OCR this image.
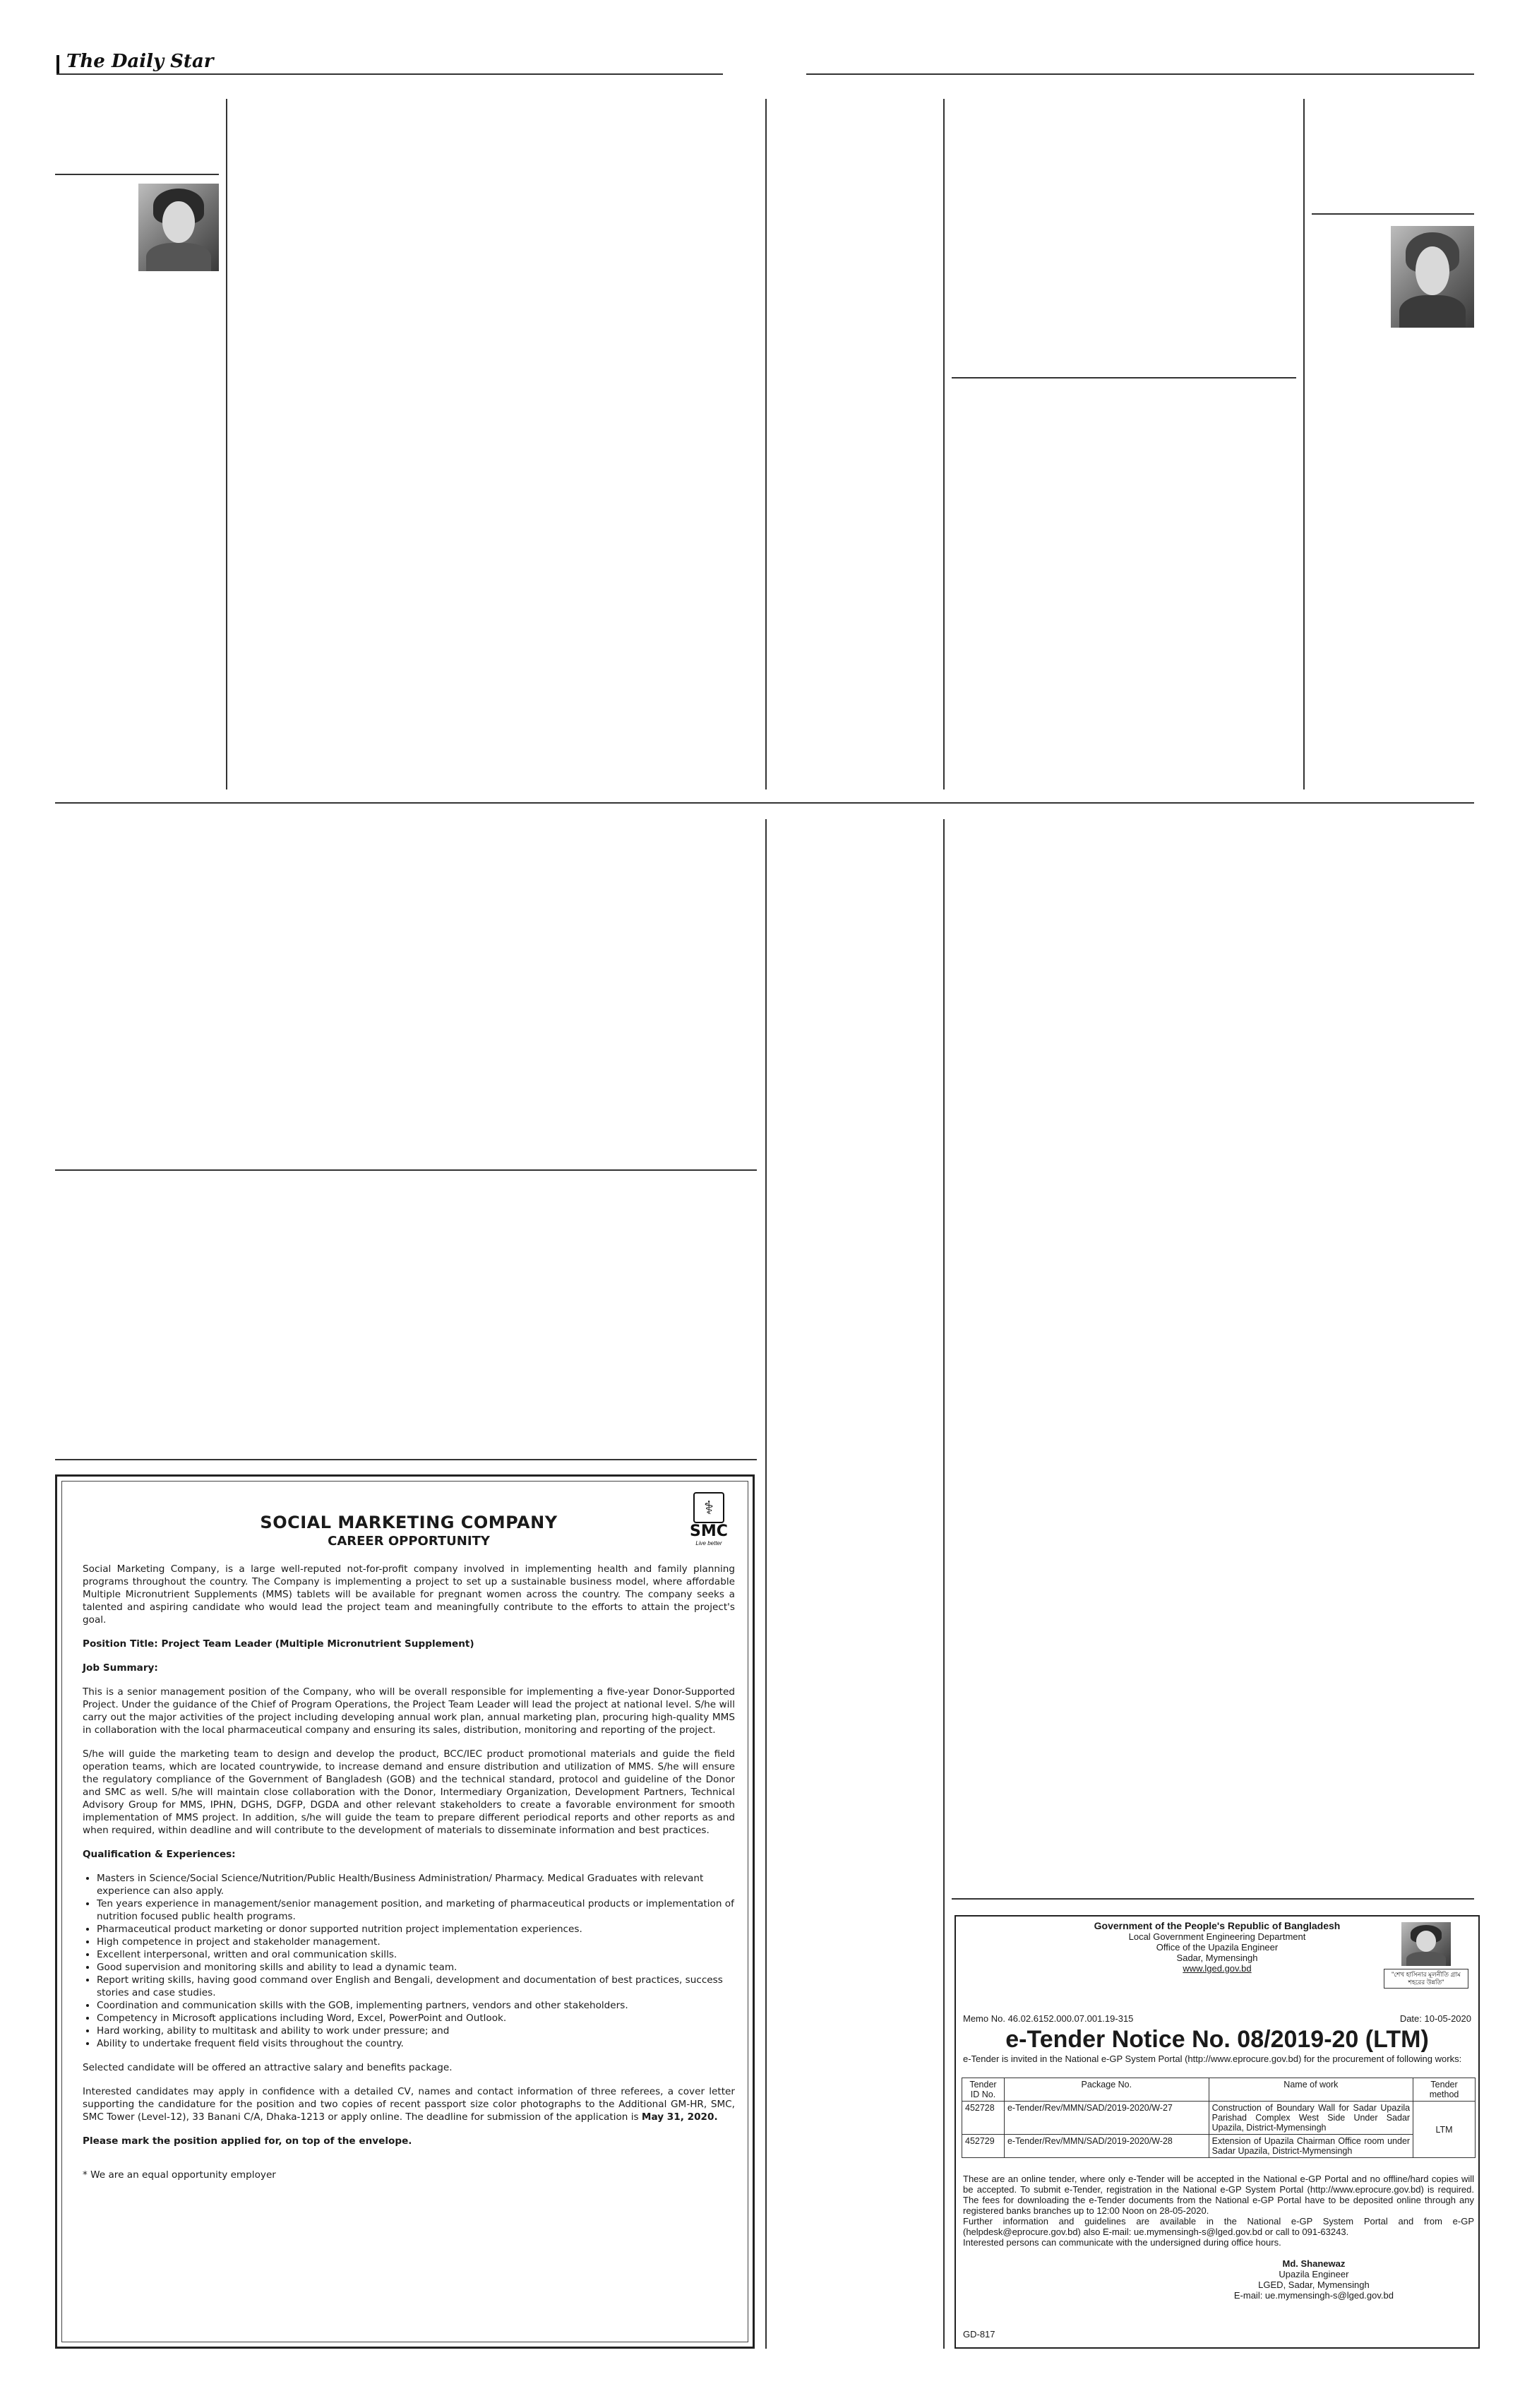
The Daily Star
⚕
SMC
Live better
SOCIAL MARKETING COMPANY
CAREER OPPORTUNITY

Social Marketing Company, is a large well-reputed not-for-profit company involved in implementing health and family planning programs throughout the country. The Company is implementing a project to set up a sustainable business model, where affordable Multiple Micronutrient Supplements (MMS) tablets will be available for pregnant women across the country. The company seeks a talented and aspiring candidate who would lead the project team and meaningfully contribute to the efforts to attain the project's goal.

Position Title: Project Team Leader (Multiple Micronutrient Supplement)

Job Summary:

This is a senior management position of the Company, who will be overall responsible for implementing a five-year Donor-Supported Project. Under the guidance of the Chief of Program Operations, the Project Team Leader will lead the project at national level. S/he will carry out the major activities of the project including developing annual work plan, annual marketing plan, procuring high-quality MMS in collaboration with the local pharmaceutical company and ensuring its sales, distribution, monitoring and reporting of the project.

S/he will guide the marketing team to design and develop the product, BCC/IEC product promotional materials and guide the field operation teams, which are located countrywide, to increase demand and ensure distribution and utilization of MMS. S/he will ensure the regulatory compliance of the Government of Bangladesh (GOB) and the technical standard, protocol and guideline of the Donor and SMC as well. S/he will maintain close collaboration with the Donor, Intermediary Organization, Development Partners, Technical Advisory Group for MMS, IPHN, DGHS, DGFP, DGDA and other relevant stakeholders to create a favorable environment for smooth implementation of MMS project. In addition, s/he will guide the team to prepare different periodical reports and other reports as and when required, within deadline and will contribute to the development of materials to disseminate information and best practices.

Qualification & Experiences:

• Masters in Science/Social Science/Nutrition/Public Health/Business Administration/ Pharmacy. Medical Graduates with relevant experience can also apply.
• Ten years experience in management/senior management position, and marketing of pharmaceutical products or implementation of nutrition focused public health programs.
• Pharmaceutical product marketing or donor supported nutrition project implementation experiences.
• High competence in project and stakeholder management.
• Excellent interpersonal, written and oral communication skills.
• Good supervision and monitoring skills and ability to lead a dynamic team.
• Report writing skills, having good command over English and Bengali, development and documentation of best practices, success stories and case studies.
• Coordination and communication skills with the GOB, implementing partners, vendors and other stakeholders.
• Competency in Microsoft applications including Word, Excel, PowerPoint and Outlook.
• Hard working, ability to multitask and ability to work under pressure; and
• Ability to undertake frequent field visits throughout the country.

Selected candidate will be offered an attractive salary and benefits package.

Interested candidates may apply in confidence with a detailed CV, names and contact information of three referees, a cover letter supporting the candidature for the position and two copies of recent passport size color photographs to the Additional GM-HR, SMC, SMC Tower (Level-12), 33 Banani C/A, Dhaka-1213 or apply online. The deadline for submission of the application is May 31, 2020.

Please mark the position applied for, on top of the envelope.

* We are an equal opportunity employer

Government of the People's Republic of Bangladesh
Local Government Engineering Department
Office of the Upazila Engineer
Sadar, Mymensingh
www.lged.gov.bd
"শেখ হাসিনার মূলনীতি গ্রাম শহরের উন্নতি"
Memo No. 46.02.6152.000.07.001.19-315	Date: 10-05-2020
e-Tender Notice No. 08/2019-20 (LTM)
e-Tender is invited in the National e-GP System Portal (http://www.eprocure.gov.bd) for the procurement of following works:
Tender ID No.	Package No.	Name of work	Tender method
452728	e-Tender/Rev/MMN/SAD/2019-2020/W-27	Construction of Boundary Wall for Sadar Upazila Parishad Complex West Side Under Sadar Upazila, District-Mymensingh	LTM
452729	e-Tender/Rev/MMN/SAD/2019-2020/W-28	Extension of Upazila Chairman Office room under Sadar Upazila, District-Mymensingh	

These are an online tender, where only e-Tender will be accepted in the National e-GP Portal and no offline/hard copies will be accepted. To submit e-Tender, registration in the National e-GP System Portal (http://www.eprocure.gov.bd) is required. The fees for downloading the e-Tender documents from the National e-GP Portal have to be deposited online through any registered banks branches up to 12:00 Noon on 28-05-2020.

Further information and guidelines are available in the National e-GP System Portal and from e-GP (helpdesk@eprocure.gov.bd) also E-mail: ue.mymensingh-s@lged.gov.bd or call to 091-63243.

Interested persons can communicate with the undersigned during office hours.

Md. Shanewaz
Upazila Engineer
LGED, Sadar, Mymensingh
E-mail: ue.mymensingh-s@lged.gov.bd
GD-817
